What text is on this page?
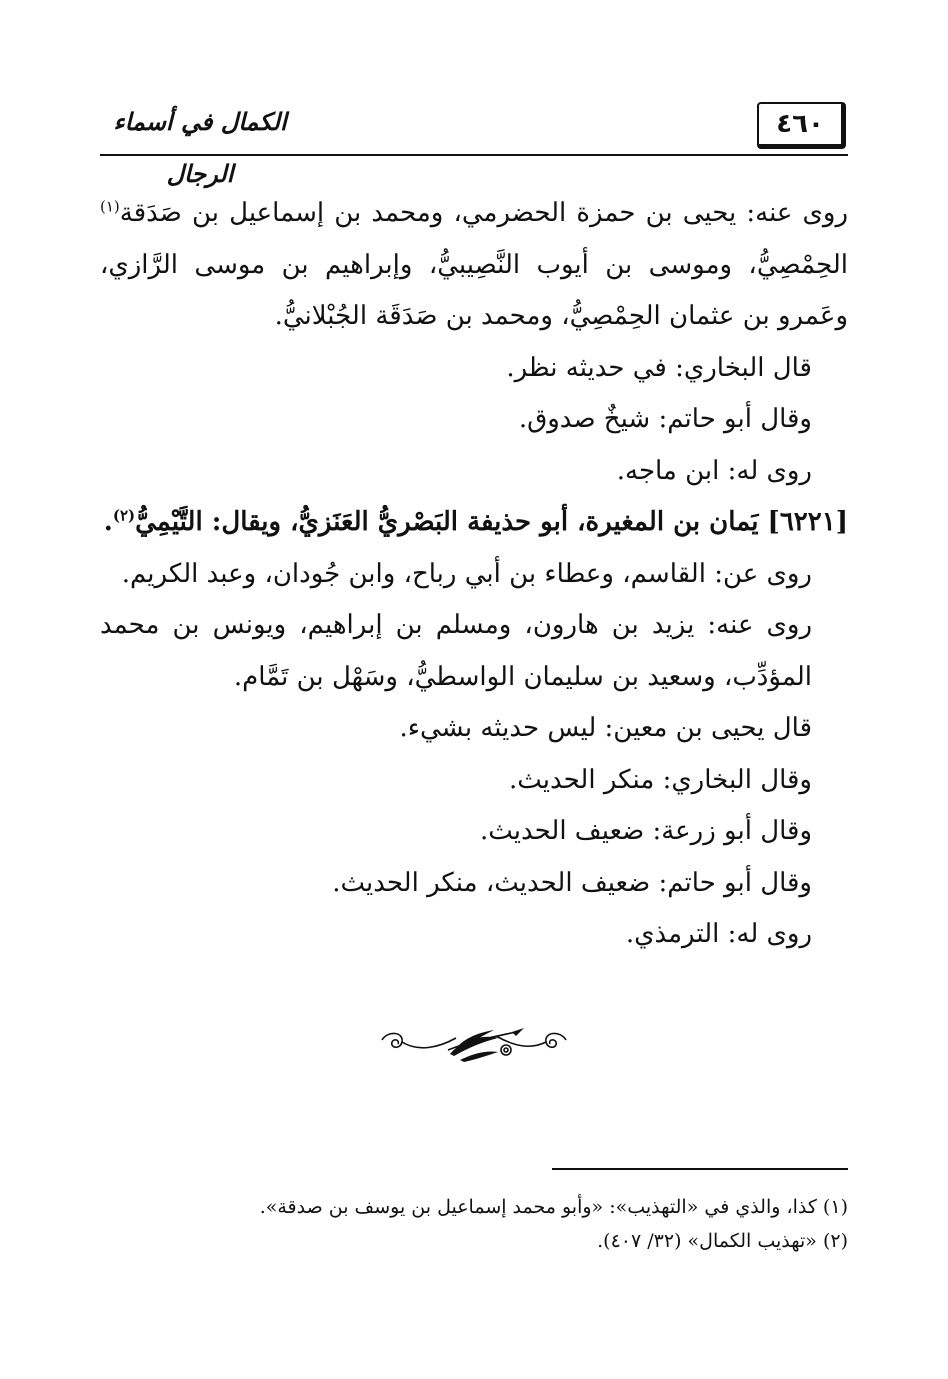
الكمال في أسماء الرجال
٤٦٠

روى عنه: يحيى بن حمزة الحضرمي، ومحمد بن إسماعيل بن صَدَقة$^{(١)}$ الحِمْصِيُّ، وموسى بن أيوب النَّصِيبيُّ، وإبراهيم بن موسى الرَّازي، وعَمرو بن عثمان الحِمْصِيُّ، ومحمد بن صَدَقَة الجُبْلانيُّ.

قال البخاري: في حديثه نظر.

وقال أبو حاتم: شيخٌ صدوق.

روى له: ابن ماجه.

[٦٢٢١] يَمان بن المغيرة، أبو حذيفة البَصْريُّ العَنَزيُّ، ويقال: التَّيْمِيُّ$^{(٢)}$.

روى عن: القاسم، وعطاء بن أبي رباح، وابن جُودان، وعبد الكريم.

روى عنه: يزيد بن هارون، ومسلم بن إبراهيم، ويونس بن محمد المؤدِّب، وسعيد بن سليمان الواسطيُّ، وسَهْل بن تَمَّام.

قال يحيى بن معين: ليس حديثه بشيء.

وقال البخاري: منكر الحديث.

وقال أبو زرعة: ضعيف الحديث.

وقال أبو حاتم: ضعيف الحديث، منكر الحديث.

روى له: الترمذي.

(١) كذا، والذي في «التهذيب»: «وأبو محمد إسماعيل بن يوسف بن صدقة».

(٢) «تهذيب الكمال» (٣٢/ ٤٠٧).
